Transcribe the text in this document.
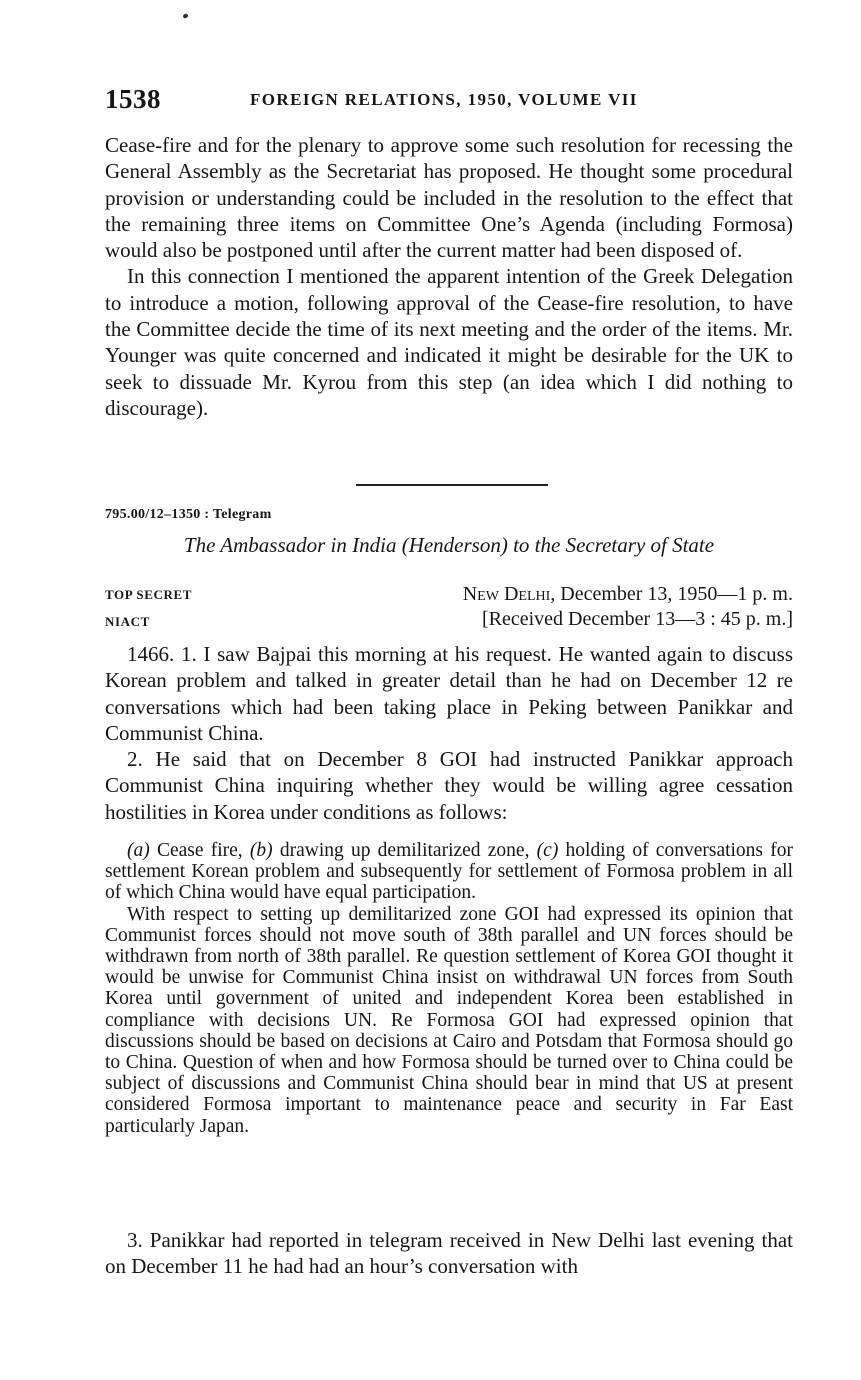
1538	FOREIGN RELATIONS, 1950, VOLUME VII

Cease-fire and for the plenary to approve some such resolution for recessing the General Assembly as the Secretariat has proposed. He thought some procedural provision or understanding could be included in the resolution to the effect that the remaining three items on Committee One’s Agenda (including Formosa) would also be postponed until after the current matter had been disposed of.

In this connection I mentioned the apparent intention of the Greek Delegation to introduce a motion, following approval of the Cease-fire resolution, to have the Committee decide the time of its next meeting and the order of the items. Mr. Younger was quite concerned and indicated it might be desirable for the UK to seek to dissuade Mr. Kyrou from this step (an idea which I did nothing to discourage).

795.00/12–1350 : Telegram
The Ambassador in India (Henderson) to the Secretary of State
TOP SECRET	New Delhi, December 13, 1950—1 p. m.
NIACT	[Received December 13—3 : 45 p. m.]

1466. 1. I saw Bajpai this morning at his request. He wanted again to discuss Korean problem and talked in greater detail than he had on December 12 re conversations which had been taking place in Peking between Panikkar and Communist China.

2. He said that on December 8 GOI had instructed Panikkar approach Communist China inquiring whether they would be willing agree cessation hostilities in Korea under conditions as follows:

(a) Cease fire, (b) drawing up demilitarized zone, (c) holding of conversations for settlement Korean problem and subsequently for settlement of Formosa problem in all of which China would have equal participation.

With respect to setting up demilitarized zone GOI had expressed its opinion that Communist forces should not move south of 38th parallel and UN forces should be withdrawn from north of 38th parallel. Re question settlement of Korea GOI thought it would be unwise for Communist China insist on withdrawal UN forces from South Korea until government of united and independent Korea been established in compliance with decisions UN. Re Formosa GOI had expressed opinion that discussions should be based on decisions at Cairo and Potsdam that Formosa should go to China. Question of when and how Formosa should be turned over to China could be subject of discussions and Communist China should bear in mind that US at present considered Formosa important to maintenance peace and security in Far East particularly Japan.

3. Panikkar had reported in telegram received in New Delhi last evening that on December 11 he had had an hour’s conversation with
